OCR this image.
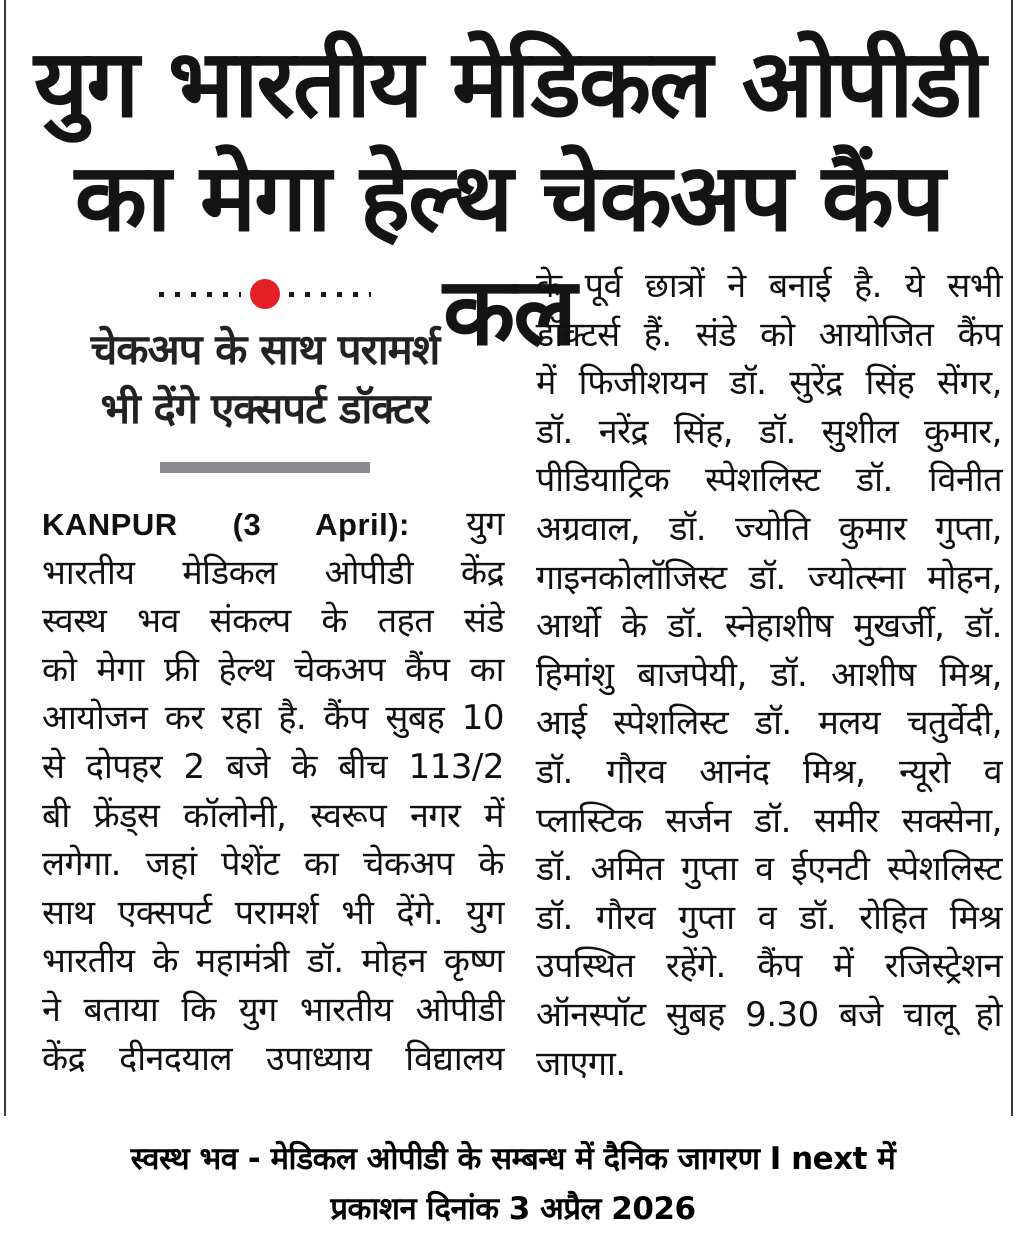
युग भारतीय मेडिकल ओपीडी
का मेगा हेल्थ चेकअप कैंप कल
चेकअप के साथ परामर्श
भी देंगे एक्सपर्ट डॉक्टर
KANPUR (3 April): युग
भारतीय मेडिकल ओपीडी केंद्र
स्वस्थ भव संकल्प के तहत संडे
को मेगा फ्री हेल्थ चेकअप कैंप का
आयोजन कर रहा है. कैंप सुबह 10
से दोपहर 2 बजे के बीच 113/2
बी फ्रेंड्स कॉलोनी, स्वरूप नगर में
लगेगा. जहां पेशेंट का चेकअप के
साथ एक्सपर्ट परामर्श भी देंगे. युग
भारतीय के महामंत्री डॉ. मोहन कृष्ण
ने बताया कि युग भारतीय ओपीडी
केंद्र दीनदयाल उपाध्याय विद्यालय
के पूर्व छात्रों ने बनाई है. ये सभी
डॉक्टर्स हैं. संडे को आयोजित कैंप
में फिजीशयन डॉ. सुरेंद्र सिंह सेंगर,
डॉ. नरेंद्र सिंह, डॉ. सुशील कुमार,
पीडियाट्रिक स्पेशलिस्ट डॉ. विनीत
अग्रवाल, डॉ. ज्योति कुमार गुप्ता,
गाइनकोलॉजिस्ट डॉ. ज्योत्स्ना मोहन,
आर्थो के डॉ. स्नेहाशीष मुखर्जी, डॉ.
हिमांशु बाजपेयी, डॉ. आशीष मिश्र,
आई स्पेशलिस्ट डॉ. मलय चतुर्वेदी,
डॉ. गौरव आनंद मिश्र, न्यूरो व
प्लास्टिक सर्जन डॉ. समीर सक्सेना,
डॉ. अमित गुप्ता व ईएनटी स्पेशलिस्ट
डॉ. गौरव गुप्ता व डॉ. रोहित मिश्र
उपस्थित रहेंगे. कैंप में रजिस्ट्रेशन
ऑनस्पॉट सुबह 9.30 बजे चालू हो
जाएगा.
स्वस्थ भव - मेडिकल ओपीडी के सम्बन्ध में दैनिक जागरण I next में
प्रकाशन दिनांक 3 अप्रैल 2026
